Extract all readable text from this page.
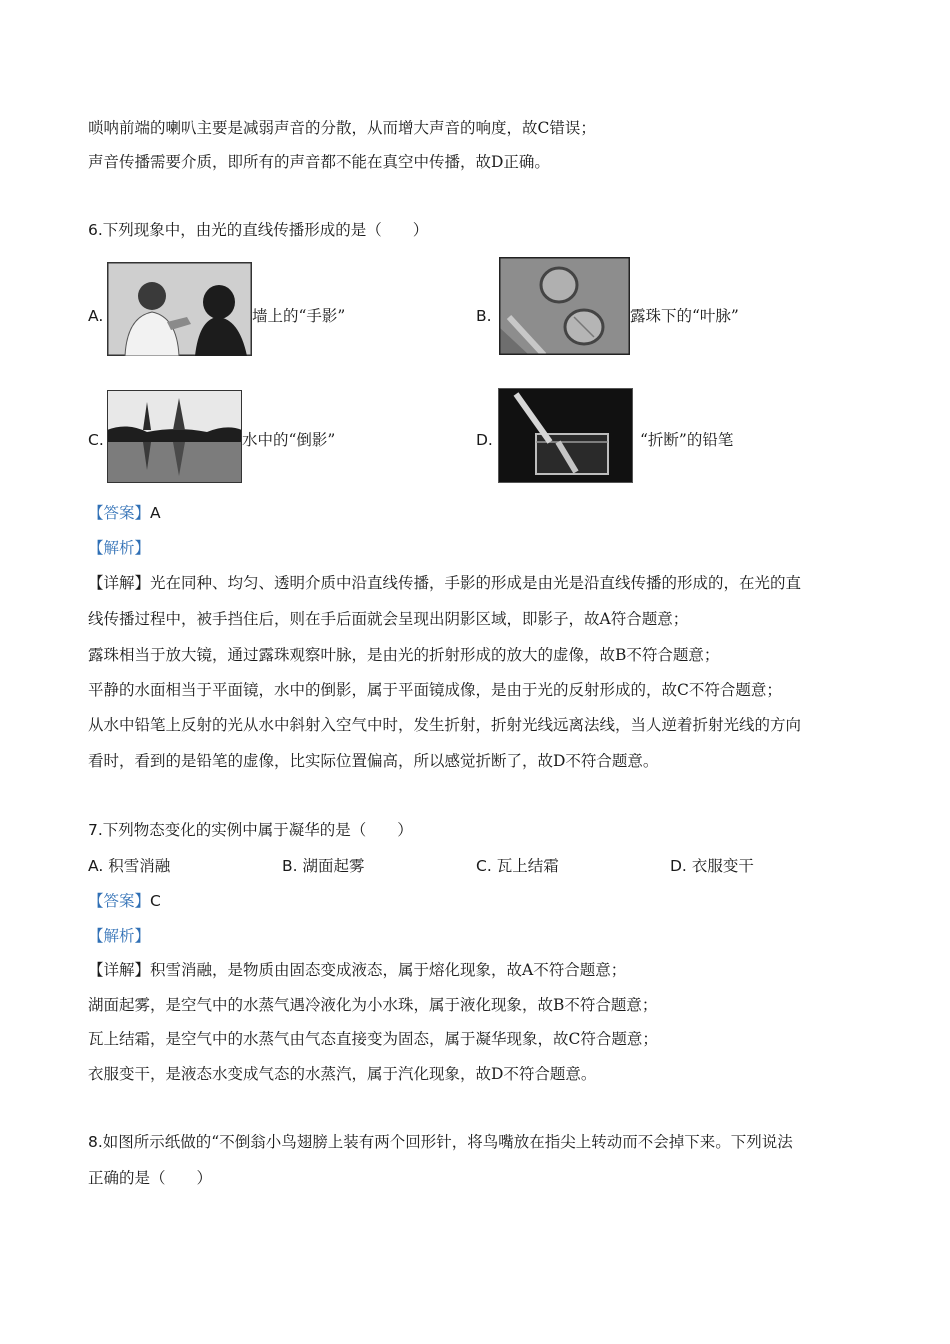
唢呐前端的喇叭主要是减弱声音的分散，从而增大声音的响度，故C错误；
声音传播需要介质，即所有的声音都不能在真空中传播，故D正确。
6.下列现象中，由光的直线传播形成的是（　　）
A.	墙上的“手影”	B.	露珠下的“叶脉”
C.	水中的“倒影”	D.	“折断”的铅笔
【答案】A
【解析】
【详解】光在同种、均匀、透明介质中沿直线传播，手影的形成是由光是沿直线传播的形成的，在光的直
线传播过程中，被手挡住后，则在手后面就会呈现出阴影区域，即影子，故A符合题意；
露珠相当于放大镜，通过露珠观察叶脉，是由光的折射形成的放大的虚像，故B不符合题意；
平静的水面相当于平面镜，水中的倒影，属于平面镜成像，是由于光的反射形成的，故C不符合题意；
从水中铅笔上反射的光从水中斜射入空气中时，发生折射，折射光线远离法线，当人逆着折射光线的方向
看时，看到的是铅笔的虚像，比实际位置偏高，所以感觉折断了，故D不符合题意。
7.下列物态变化的实例中属于凝华的是（　　）
A. 积雪消融	B. 湖面起雾	C. 瓦上结霜	D. 衣服变干
【答案】C
【解析】
【详解】积雪消融，是物质由固态变成液态，属于熔化现象，故A不符合题意；
湖面起雾，是空气中的水蒸气遇冷液化为小水珠，属于液化现象，故B不符合题意；
瓦上结霜，是空气中的水蒸气由气态直接变为固态，属于凝华现象，故C符合题意；
衣服变干，是液态水变成气态的水蒸汽，属于汽化现象，故D不符合题意。
8.如图所示纸做的“不倒翁小鸟翅膀上装有两个回形针，将鸟嘴放在指尖上转动而不会掉下来。下列说法
正确的是（　　）
